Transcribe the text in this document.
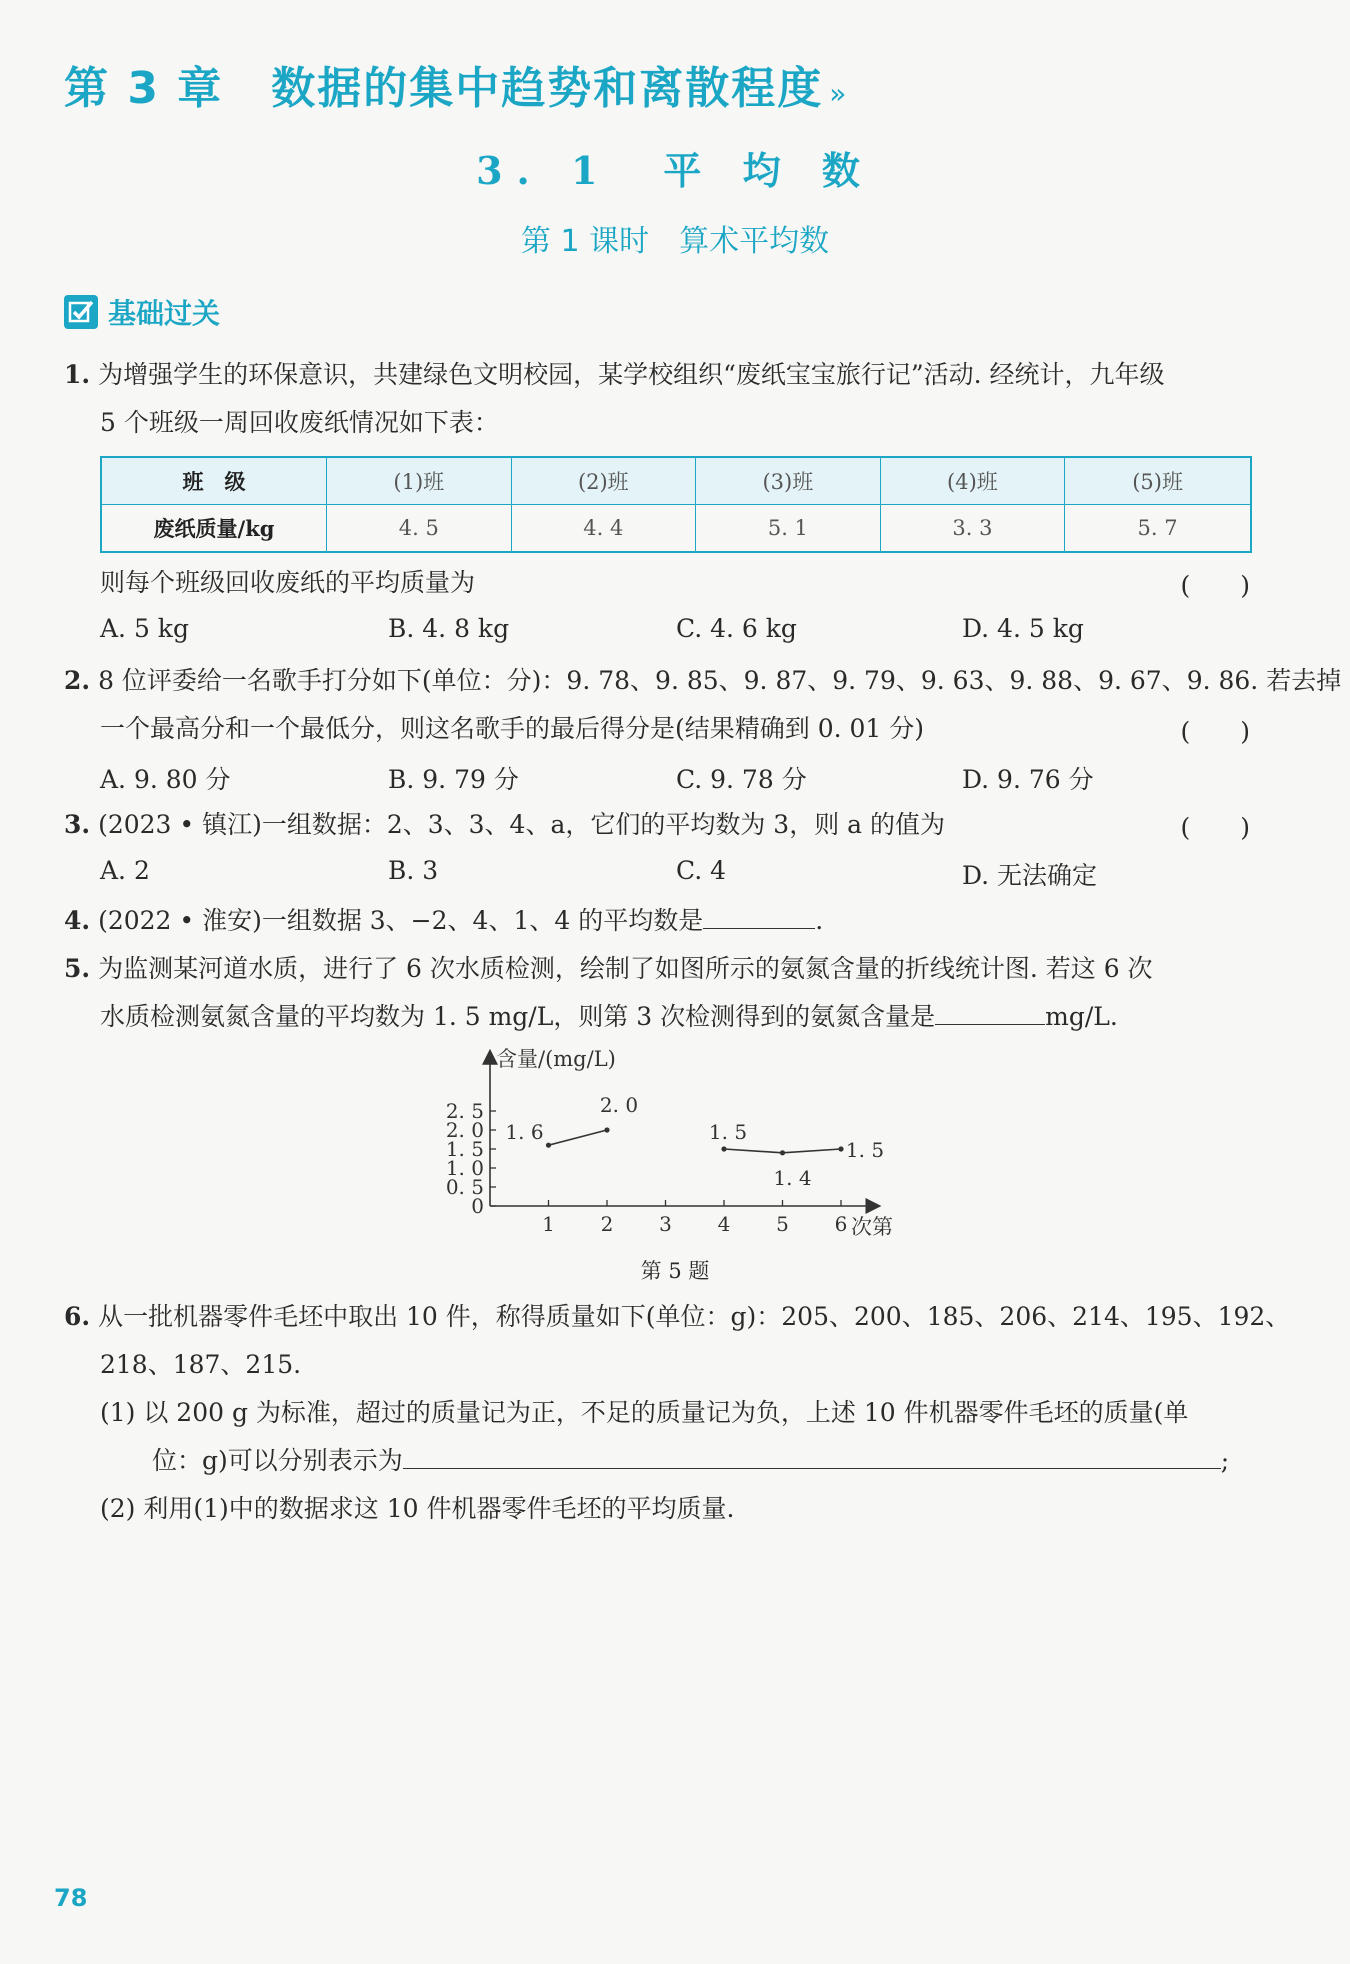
第 3 章 数据的集中趋势和离散程度 »
3. 1　平 均 数
第 1 课时　算术平均数
基础过关
1. 为增强学生的环保意识，共建绿色文明校园，某学校组织“废纸宝宝旅行记”活动. 经统计，九年级
5 个班级一周回收废纸情况如下表：
班　级	(1)班	(2)班	(3)班	(4)班	(5)班
废纸质量/kg	4. 5	4. 4	5. 1	3. 3	5. 7
则每个班级回收废纸的平均质量为	(　　)
A. 5 kg	B. 4. 8 kg	C. 4. 6 kg	D. 4. 5 kg
2. 8 位评委给一名歌手打分如下(单位：分)：9. 78、9. 85、9. 87、9. 79、9. 63、9. 88、9. 67、9. 86. 若去掉
一个最高分和一个最低分，则这名歌手的最后得分是(结果精确到 0. 01 分)	(　　)
A. 9. 80 分	B. 9. 79 分	C. 9. 78 分	D. 9. 76 分
3. (2023 • 镇江)一组数据：2、3、3、4、a，它们的平均数为 3，则 a 的值为	(　　)
A. 2	B. 3	C. 4	D. 无法确定
4. (2022 • 淮安)一组数据 3、−2、4、1、4 的平均数是	.
5. 为监测某河道水质，进行了 6 次水质检测，绘制了如图所示的氨氮含量的折线统计图. 若这 6 次
水质检测氨氮含量的平均数为 1. 5 mg/L，则第 3 次检测得到的氨氮含量是	mg/L.
含量/(mg/L)
次第
0
0. 5
1. 0
1. 5
2. 0
2. 5
1 2 3 4 5 6
1. 6
2. 0
1. 5
1. 4
1. 5
第 5 题
6. 从一批机器零件毛坯中取出 10 件，称得质量如下(单位：g)：205、200、185、206、214、195、192、
218、187、215.
(1) 以 200 g 为标准，超过的质量记为正，不足的质量记为负，上述 10 件机器零件毛坯的质量(单
位：g)可以分别表示为	;
(2) 利用(1)中的数据求这 10 件机器零件毛坯的平均质量.
78
